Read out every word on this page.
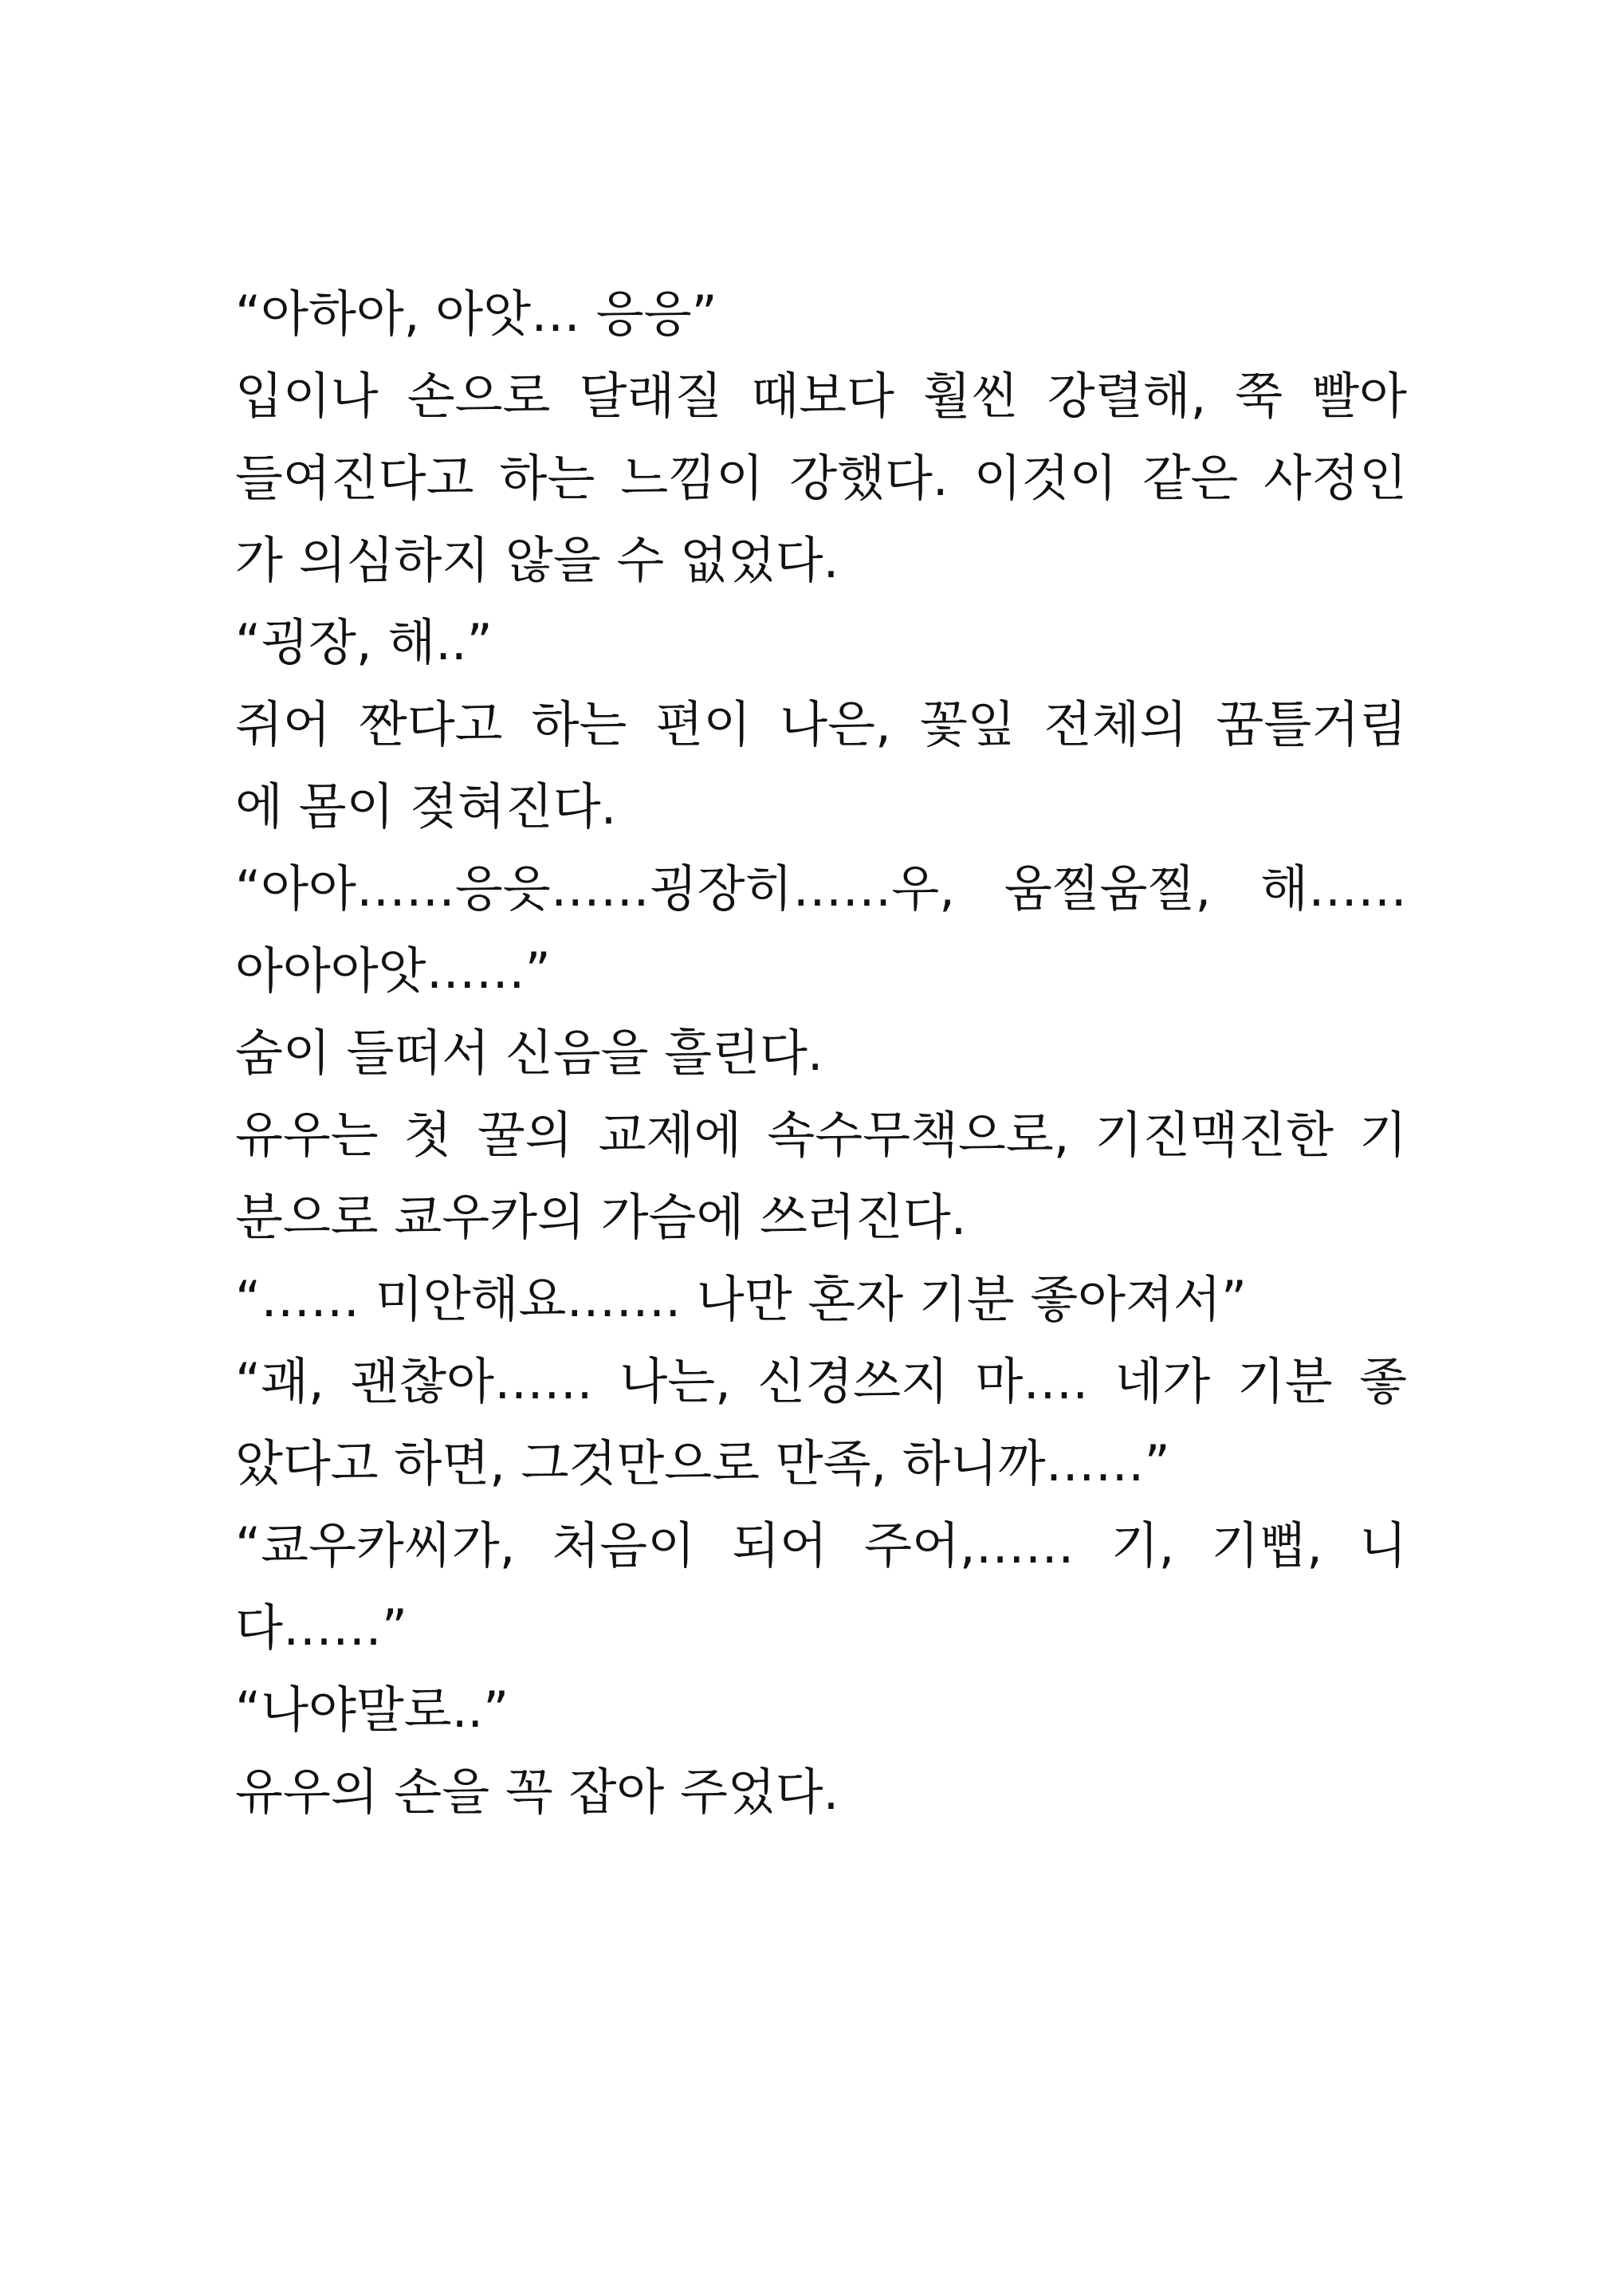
“아하아, 아앗… 응응”
입이나 손으로 달래질 때보다 훨씬 강렬해, 쭉 빨아
들여진다고 하는 느낌이 강했다. 이것이 같은 사정인
가 의심하지 않을 수 없었다.
“굉장, 해..”
쥐어 짠다고 하는 편이 나은, 꽃잎 전체의 꿈틀거림
에 몸이 젖혀진다.
“아아……응읏……굉장히……우, 움찔움찔, 해……
아아아앗……”
숨이 들떠서 신음을 흘린다.
유우는 첫 꿀의 교제에 속수무책으로, 기진맥진한 기
분으로 쿄우카의 가슴에 쓰러진다.
“…… 미안해요……. 나만 혼자 기분 좋아져서”
“괘, 괜찮아…… 나는, 신경쓰지 마…. 네가 기분 좋
았다고 하면, 그것만으로 만족, 하니까……”
“쿄우카씨가, 처음이 되어 주어,…… 기, 기뻡, 니
다……”
“나야말로..”
유우의 손을 꼭 잡아 주었다.
